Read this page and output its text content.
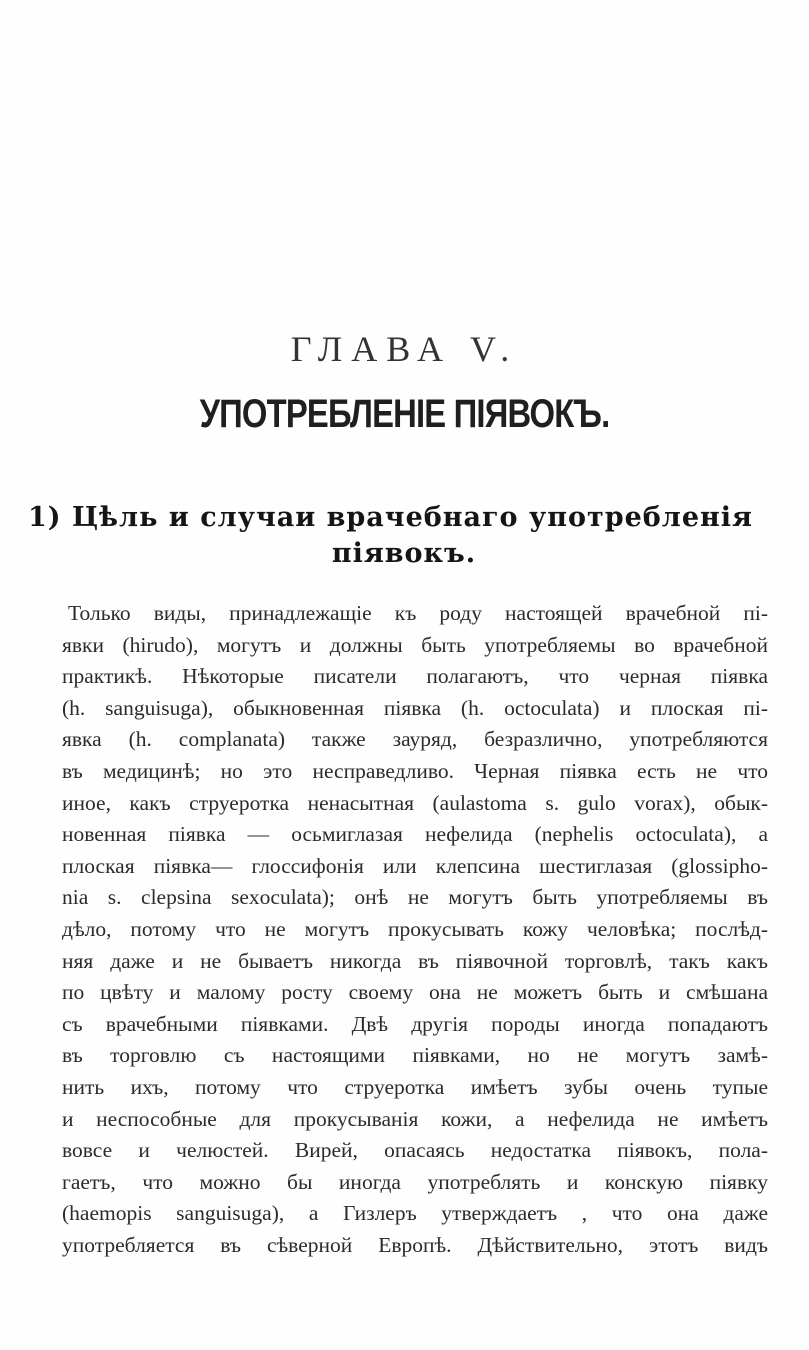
ГЛАВА V.
УПОТРЕБЛЕНІЕ ПІЯВОКЪ.
1) Цѣль и случаи врачебнаго употребленія
піявокъ.
Только виды, принадлежащіе къ роду настоящей врачебной пі-
явки (hirudo), могутъ и должны быть употребляемы во врачебной
практикѣ. Нѣкоторые писатели полагаютъ, что черная піявка
(h. sanguisuga), обыкновенная піявка (h. octoculata) и плоская пі-
явка (h. complanata) также зауряд, безразлично, употребляются
въ медицинѣ; но это несправедливо. Черная піявка есть не что
иное, какъ струеротка ненасытная (aulastoma s. gulo vorax), обык-
новенная піявка — осьмиглазая нефелида (nephelis octoculata), а
плоская піявка— глоссифонія или клепсина шестиглазая (glossipho-
nia s. clepsina sexoculata); онѣ не могутъ быть употребляемы въ
дѣло, потому что не могутъ прокусывать кожу человѣка; послѣд-
няя даже и не бываетъ никогда въ піявочной торговлѣ, такъ какъ
по цвѣту и малому росту своему она не можетъ быть и смѣшана
съ врачебными піявками. Двѣ другія породы иногда попадаютъ
въ торговлю съ настоящими піявками, но не могутъ замѣ-
нить ихъ, потому что струеротка имѣетъ зубы очень тупые
и неспособные для прокусыванія кожи, а нефелида не имѣетъ
вовсе и челюстей. Вирей, опасаясь недостатка піявокъ, пола-
гаетъ, что можно бы иногда употреблять и конскую піявку
(haemopis sanguisuga), а Гизлеръ утверждаетъ , что она даже
употребляется въ сѣверной Европѣ. Дѣйствительно, этотъ видъ
